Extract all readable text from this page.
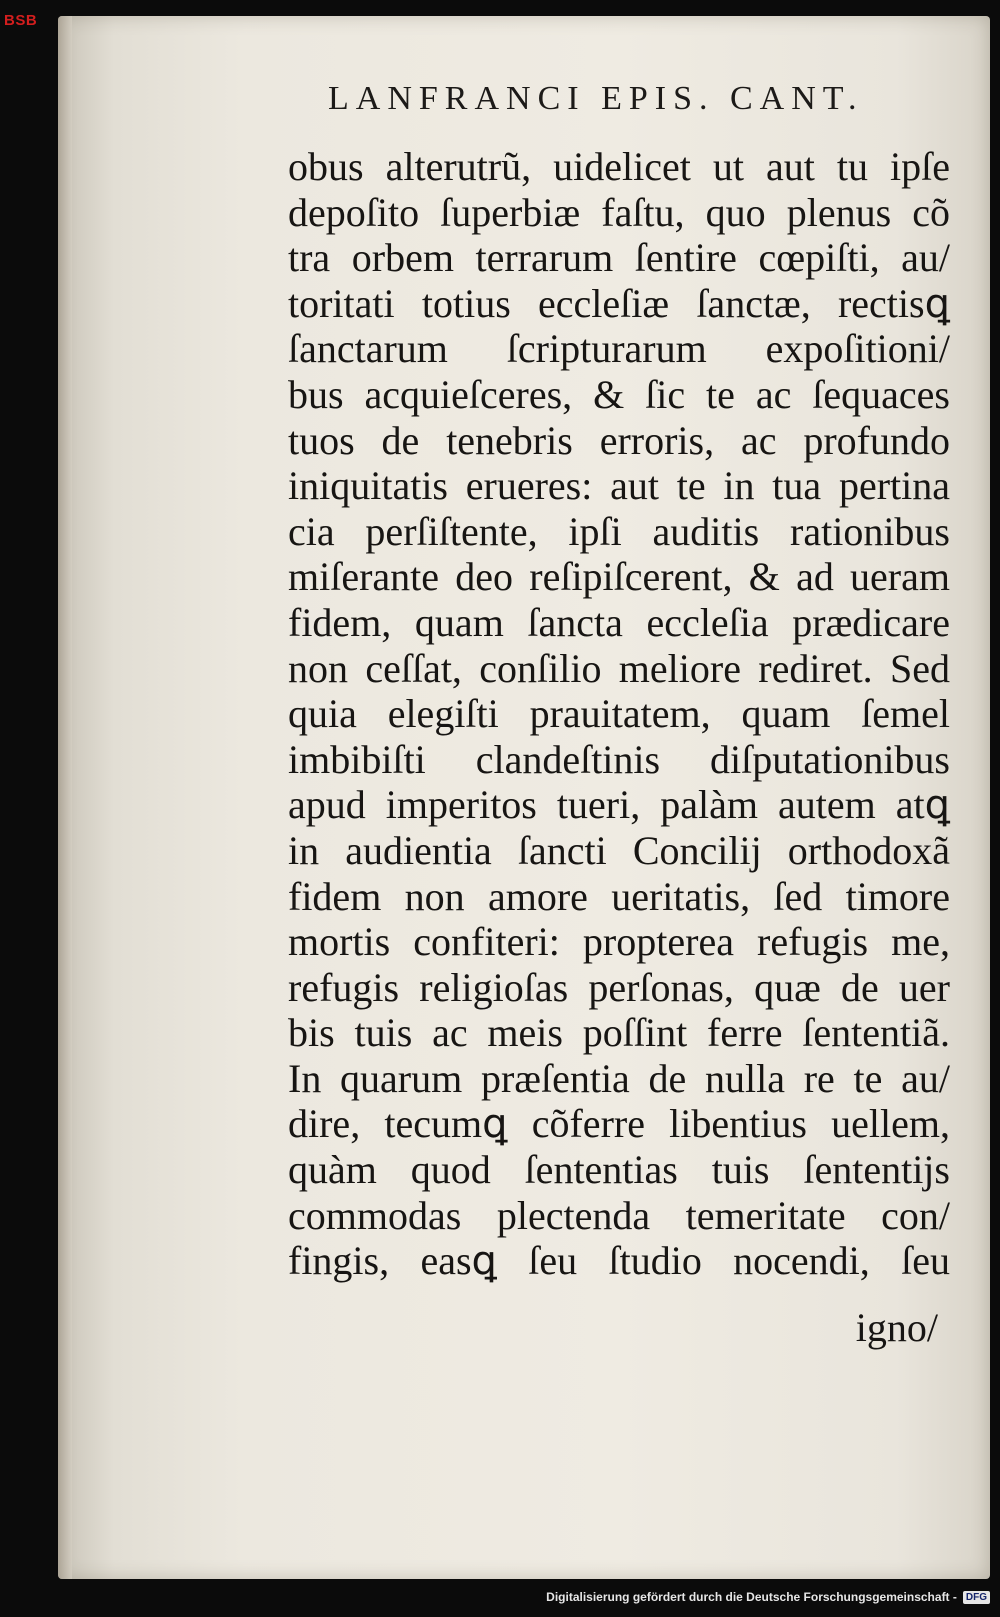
BSB
LANFRANCI EPIS. CANT.
obus alterutrũ, uidelicet ut aut tu ipſe
depoſito ſuperbiæ faſtu, quo plenus cõ
tra orbem terrarum ſentire cœpiſti, au/
toritati totius eccleſiæ ſanctæ, rectisꝗ
ſanctarum ſcripturarum expoſitioni/
bus acquieſceres, & ſic te ac ſequaces
tuos de tenebris erroris, ac profundo
iniquitatis erueres: aut te in tua pertina
cia perſiſtente, ipſi auditis rationibus
miſerante deo reſipiſcerent, & ad ueram
fidem, quam ſancta eccleſia prædicare
non ceſſat, conſilio meliore rediret. Sed
quia elegiſti prauitatem, quam ſemel
imbibiſti clandeſtinis diſputationibus
apud imperitos tueri, palàm autem atꝗ
in audientia ſancti Concilij orthodoxã
fidem non amore ueritatis, ſed timore
mortis confiteri: propterea refugis me,
refugis religioſas perſonas, quæ de uer
bis tuis ac meis poſſint ferre ſententiã.
In quarum præſentia de nulla re te au/
dire, tecumꝗ cõferre libentius uellem,
quàm quod ſententias tuis ſententijs
commodas plectenda temeritate con/
fingis, easꝗ ſeu ſtudio nocendi, ſeu
igno/
Digitalisierung gefördert durch die Deutsche Forschungsgemeinschaft - DFG
